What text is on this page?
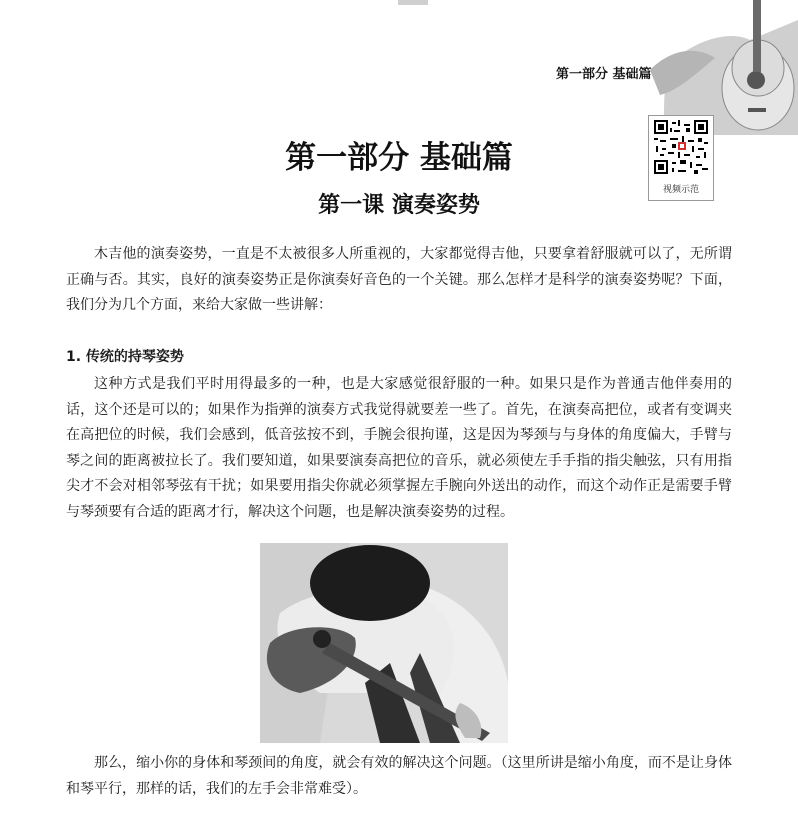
第一部分 基础篇
视频示范
第一部分 基础篇
第一课 演奏姿势

木吉他的演奏姿势，一直是不太被很多人所重视的，大家都觉得吉他，只要拿着舒服就可以了，无所谓正确与否。其实，良好的演奏姿势正是你演奏好音色的一个关键。那么怎样才是科学的演奏姿势呢？下面，我们分为几个方面，来给大家做一些讲解：

1. 传统的持琴姿势

这种方式是我们平时用得最多的一种，也是大家感觉很舒服的一种。如果只是作为普通吉他伴奏用的话，这个还是可以的；如果作为指弹的演奏方式我觉得就要差一些了。首先，在演奏高把位，或者有变调夹在高把位的时候，我们会感到，低音弦按不到，手腕会很拘谨，这是因为琴颈与与身体的角度偏大，手臂与琴之间的距离被拉长了。我们要知道，如果要演奏高把位的音乐，就必须使左手手指的指尖触弦，只有用指尖才不会对相邻琴弦有干扰；如果要用指尖你就必须掌握左手腕向外送出的动作，而这个动作正是需要手臂与琴颈要有合适的距离才行，解决这个问题，也是解决演奏姿势的过程。

那么，缩小你的身体和琴颈间的角度，就会有效的解决这个问题。（这里所讲是缩小角度，而不是让身体和琴平行，那样的话，我们的左手会非常难受）。
